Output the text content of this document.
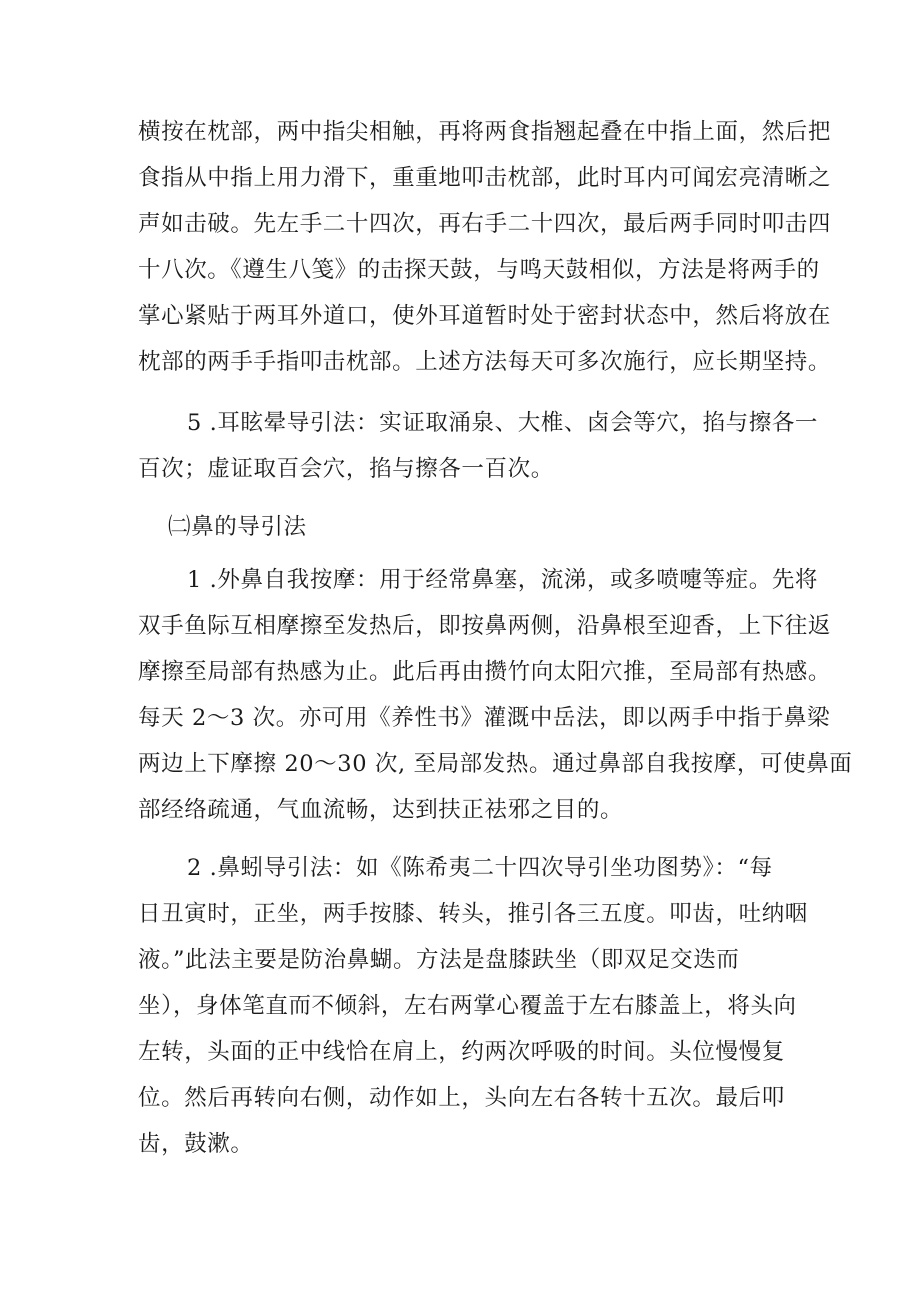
横按在枕部，两中指尖相触，再将两食指翘起叠在中指上面，然后把
食指从中指上用力滑下，重重地叩击枕部，此时耳内可闻宏亮清晰之
声如击破。先左手二十四次，再右手二十四次，最后两手同时叩击四
十八次。《遵生八笺》的击探天鼓，与鸣天鼓相似，方法是将两手的
掌心紧贴于两耳外道口，使外耳道暂时处于密封状态中，然后将放在
枕部的两手手指叩击枕部。上述方法每天可多次施行，应长期坚持。
5 .耳眩晕导引法：实证取涌泉、大椎、卤会等穴，掐与擦各一
百次；虚证取百会穴，掐与擦各一百次。
㈡鼻的导引法
1 .外鼻自我按摩：用于经常鼻塞，流涕，或多喷嚏等症。先将
双手鱼际互相摩擦至发热后，即按鼻两侧，沿鼻根至迎香，上下往返
摩擦至局部有热感为止。此后再由攒竹向太阳穴推，至局部有热感。
每天 2～3 次。亦可用《养性书》灌溉中岳法，即以两手中指于鼻梁
两边上下摩擦 20～30 次, 至局部发热。通过鼻部自我按摩，可使鼻面
部经络疏通，气血流畅，达到扶正祛邪之目的。
2 .鼻蚓导引法：如《陈希夷二十四次导引坐功图势》：“每
日丑寅时，正坐，两手按膝、转头，推引各三五度。叩齿，吐纳咽
液。”此法主要是防治鼻蝴。方法是盘膝趺坐（即双足交迭而
坐），身体笔直而不倾斜，左右两掌心覆盖于左右膝盖上，将头向
左转，头面的正中线恰在肩上，约两次呼吸的时间。头位慢慢复
位。然后再转向右侧，动作如上，头向左右各转十五次。最后叩
齿，鼓漱。
